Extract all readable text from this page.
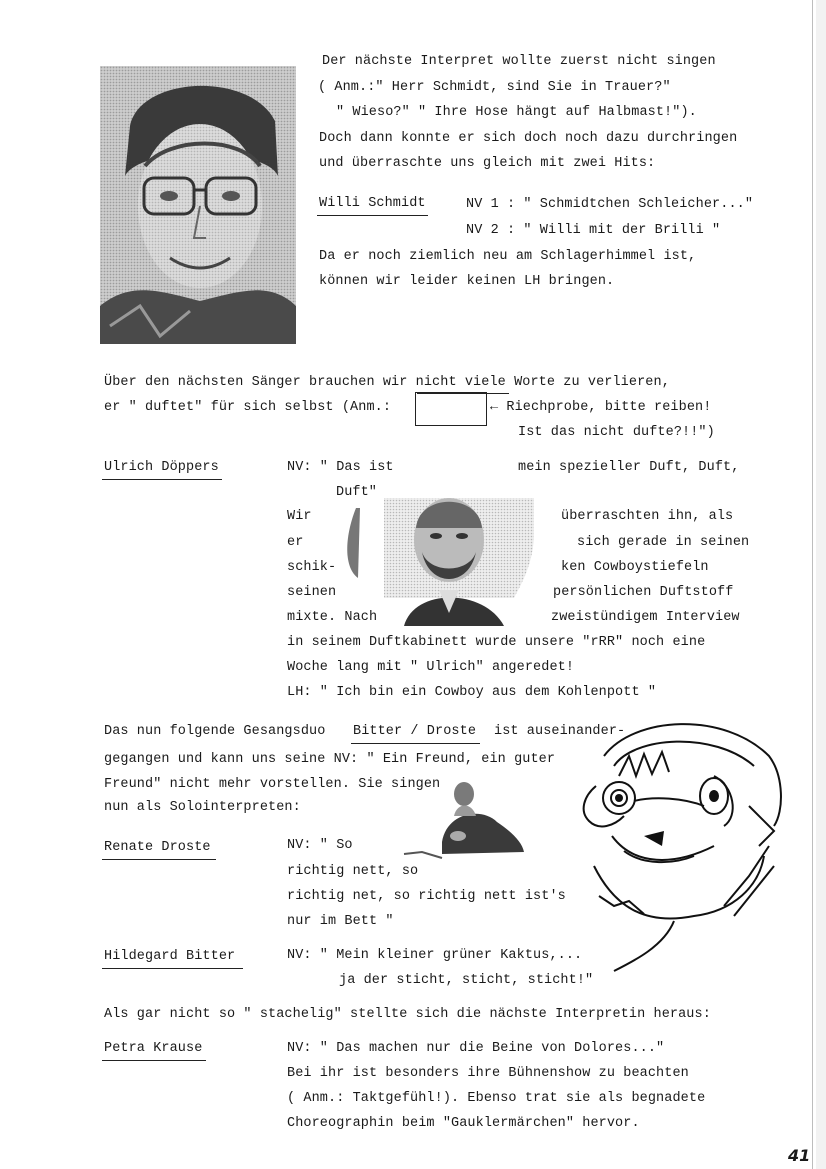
Der nächste Interpret wollte zuerst nicht singen
( Anm.:" Herr Schmidt, sind Sie in Trauer?"
" Wieso?" " Ihre Hose hängt auf Halbmast!").
Doch dann konnte er sich doch noch dazu durchringen
und überraschte uns gleich mit zwei Hits:
Willi Schmidt	NV 1 : " Schmidtchen Schleicher..."
NV 2 : " Willi mit der Brilli "
Da er noch ziemlich neu am Schlagerhimmel ist,
können wir leider keinen LH bringen.
Über den nächsten Sänger brauchen wir nicht viele Worte zu verlieren,
er " duftet" für sich selbst (Anm.:	← Riechprobe, bitte reiben!
Ist das nicht dufte?!!")
Ulrich Döppers	NV: " Das ist	mein spezieller Duft, Duft,
Duft"
Wir
er
schik-
seinen
mixte. Nach
überraschten ihn, als
sich gerade in seinen
ken Cowboystiefeln
persönlichen Duftstoff
zweistündigem Interview
in seinem Duftkabinett wurde unsere "rRR" noch eine
Woche lang mit " Ulrich" angeredet!
LH: " Ich bin ein Cowboy aus dem Kohlenpott "
Das nun folgende Gesangsduo Bitter / Droste ist auseinander-
gegangen und kann uns seine NV: " Ein Freund, ein guter
Freund" nicht mehr vorstellen. Sie singen
nun als Solointerpreten:
Renate Droste	NV: " So
richtig nett, so
richtig net, so richtig nett ist's
nur im Bett "
Hildegard Bitter	NV: " Mein kleiner grüner Kaktus,...
ja der sticht, sticht, sticht!"
Als gar nicht so " stachelig" stellte sich die nächste Interpretin heraus:
Petra Krause	NV: " Das machen nur die Beine von Dolores..."
Bei ihr ist besonders ihre Bühnenshow zu beachten
( Anm.: Taktgefühl!). Ebenso trat sie als begnadete
Choreographin beim "Gauklermärchen" hervor.
41
